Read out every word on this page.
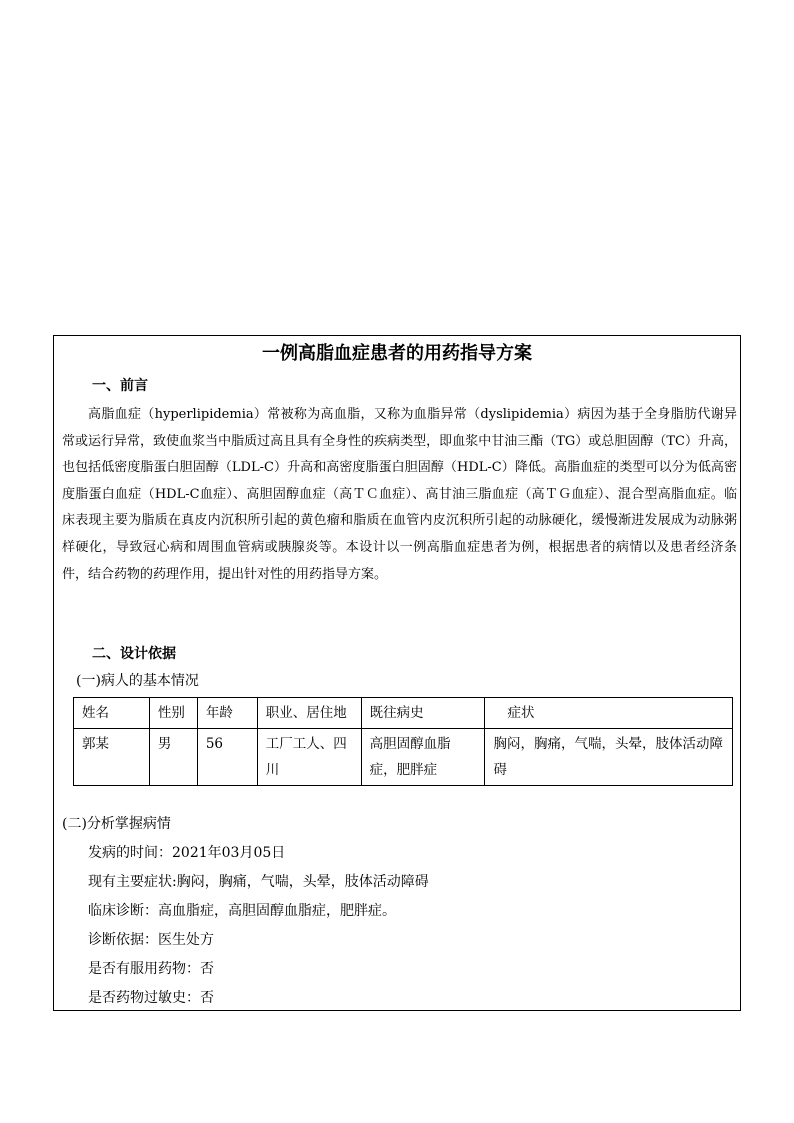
一例高脂血症患者的用药指导方案
一、前言

高脂血症（hyperlipidemia）常被称为高血脂，又称为血脂异常（dyslipidemia）病因为基于全身脂肪代谢异常或运行异常，致使血浆当中脂质过高且具有全身性的疾病类型，即血浆中甘油三酯（TG）或总胆固醇（TC）升高，也包括低密度脂蛋白胆固醇（LDL-C）升高和高密度脂蛋白胆固醇（HDL-C）降低。高脂血症的类型可以分为低高密度脂蛋白血症（HDL-C血症）、高胆固醇血症（高ＴＣ血症）、高甘油三脂血症（高ＴＧ血症）、混合型高脂血症。临床表现主要为脂质在真皮内沉积所引起的黄色瘤和脂质在血管内皮沉积所引起的动脉硬化，缓慢渐进发展成为动脉粥样硬化，导致冠心病和周围血管病或胰腺炎等。本设计以一例高脂血症患者为例，根据患者的病情以及患者经济条件，结合药物的药理作用，提出针对性的用药指导方案。

二、设计依据
(一)病人的基本情况
姓名	性别	年龄	职业、居住地	既往病史	症状
郭某	男	56	工厂工人、四川	高胆固醇血脂症，肥胖症	胸闷，胸痛，气喘，头晕，肢体活动障碍
(二)分析掌握病情
发病的时间：2021年03月05日
现有主要症状:胸闷，胸痛，气喘，头晕，肢体活动障碍
临床诊断：高血脂症，高胆固醇血脂症，肥胖症。
诊断依据：医生处方
是否有服用药物：否
是否药物过敏史：否
